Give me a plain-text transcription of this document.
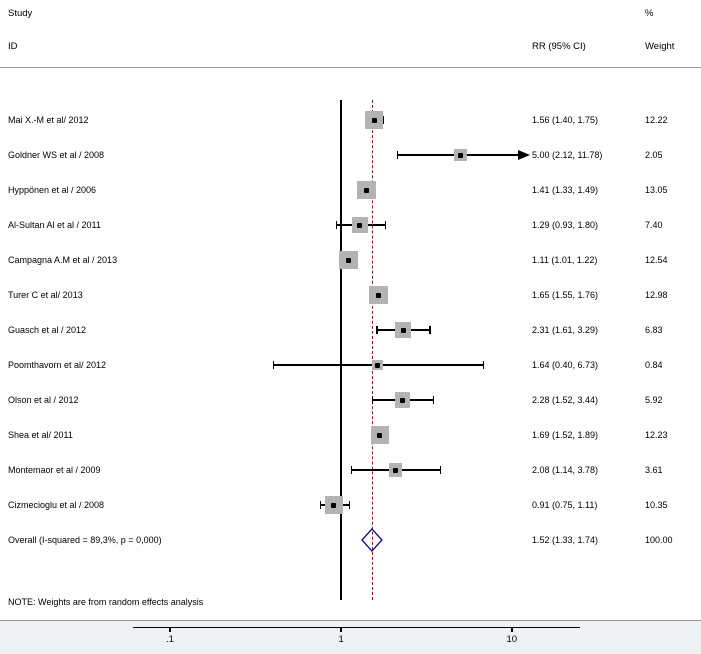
Study
ID
%
RR (95% CI)	Weight
Mai X.-M et al/ 2012	1.56 (1.40, 1.75)	12.22
Goldner WS et al / 2008	5.00 (2.12, 11.78)	2.05
Hyppönen et al / 2006	1.41 (1.33, 1.49)	13.05
Al-Sultan Al et al / 2011	1.29 (0.93, 1.80)	7.40
Campagna A.M et al / 2013	1.11 (1.01, 1.22)	12.54
Turer C et al/ 2013	1.65 (1.55, 1.76)	12.98
Guasch et al / 2012	2.31 (1.61, 3.29)	6.83
Poomthavorn et al/ 2012	1.64 (0.40, 6.73)	0.84
Olson et al / 2012	2.28 (1.52, 3.44)	5.92
Shea et al/ 2011	1.69 (1.52, 1.89)	12.23
Montemaor et al / 2009	2.08 (1.14, 3.78)	3.61
Cizmecioglu et al / 2008	0.91 (0.75, 1.11)	10.35
Overall (I-squared = 89,3%, p = 0,000)	1.52 (1.33, 1.74)	100.00
NOTE: Weights are from random effects analysis
.1	1	10
